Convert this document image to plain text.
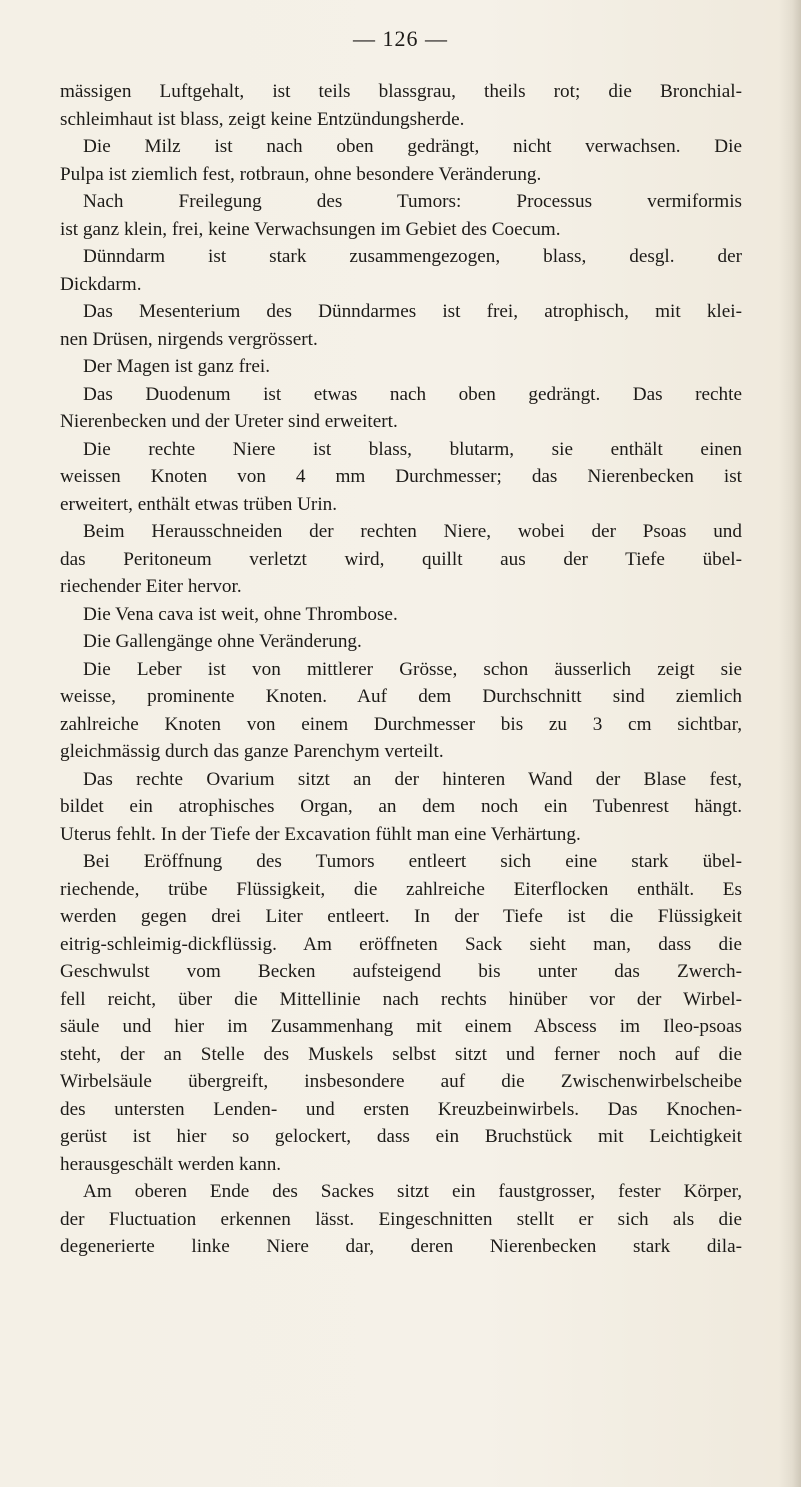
— 126 —
mässigen Luftgehalt, ist teils blassgrau, theils rot; die Bronchial-
schleimhaut ist blass, zeigt keine Entzündungsherde.
Die Milz ist nach oben gedrängt, nicht verwachsen. Die
Pulpa ist ziemlich fest, rotbraun, ohne besondere Veränderung.
Nach Freilegung des Tumors: Processus vermiformis
ist ganz klein, frei, keine Verwachsungen im Gebiet des Coecum.
Dünndarm ist stark zusammengezogen, blass, desgl. der
Dickdarm.
Das Mesenterium des Dünndarmes ist frei, atrophisch, mit klei-
nen Drüsen, nirgends vergrössert.
Der Magen ist ganz frei.
Das Duodenum ist etwas nach oben gedrängt. Das rechte
Nierenbecken und der Ureter sind erweitert.
Die rechte Niere ist blass, blutarm, sie enthält einen
weissen Knoten von 4 mm Durchmesser; das Nierenbecken ist
erweitert, enthält etwas trüben Urin.
Beim Herausschneiden der rechten Niere, wobei der Psoas und
das Peritoneum verletzt wird, quillt aus der Tiefe übel-
riechender Eiter hervor.
Die Vena cava ist weit, ohne Thrombose.
Die Gallengänge ohne Veränderung.
Die Leber ist von mittlerer Grösse, schon äusserlich zeigt sie
weisse, prominente Knoten. Auf dem Durchschnitt sind ziemlich
zahlreiche Knoten von einem Durchmesser bis zu 3 cm sichtbar,
gleichmässig durch das ganze Parenchym verteilt.
Das rechte Ovarium sitzt an der hinteren Wand der Blase fest,
bildet ein atrophisches Organ, an dem noch ein Tubenrest hängt.
Uterus fehlt. In der Tiefe der Excavation fühlt man eine Verhärtung.
Bei Eröffnung des Tumors entleert sich eine stark übel-
riechende, trübe Flüssigkeit, die zahlreiche Eiterflocken enthält. Es
werden gegen drei Liter entleert. In der Tiefe ist die Flüssigkeit
eitrig-schleimig-dickflüssig. Am eröffneten Sack sieht man, dass die
Geschwulst vom Becken aufsteigend bis unter das Zwerch-
fell reicht, über die Mittellinie nach rechts hinüber vor der Wirbel-
säule und hier im Zusammenhang mit einem Abscess im Ileo-psoas
steht, der an Stelle des Muskels selbst sitzt und ferner noch auf die
Wirbelsäule übergreift, insbesondere auf die Zwischenwirbelscheibe
des untersten Lenden- und ersten Kreuzbeinwirbels. Das Knochen-
gerüst ist hier so gelockert, dass ein Bruchstück mit Leichtigkeit
herausgeschält werden kann.
Am oberen Ende des Sackes sitzt ein faustgrosser, fester Körper,
der Fluctuation erkennen lässt. Eingeschnitten stellt er sich als die
degenerierte linke Niere dar, deren Nierenbecken stark dila-
